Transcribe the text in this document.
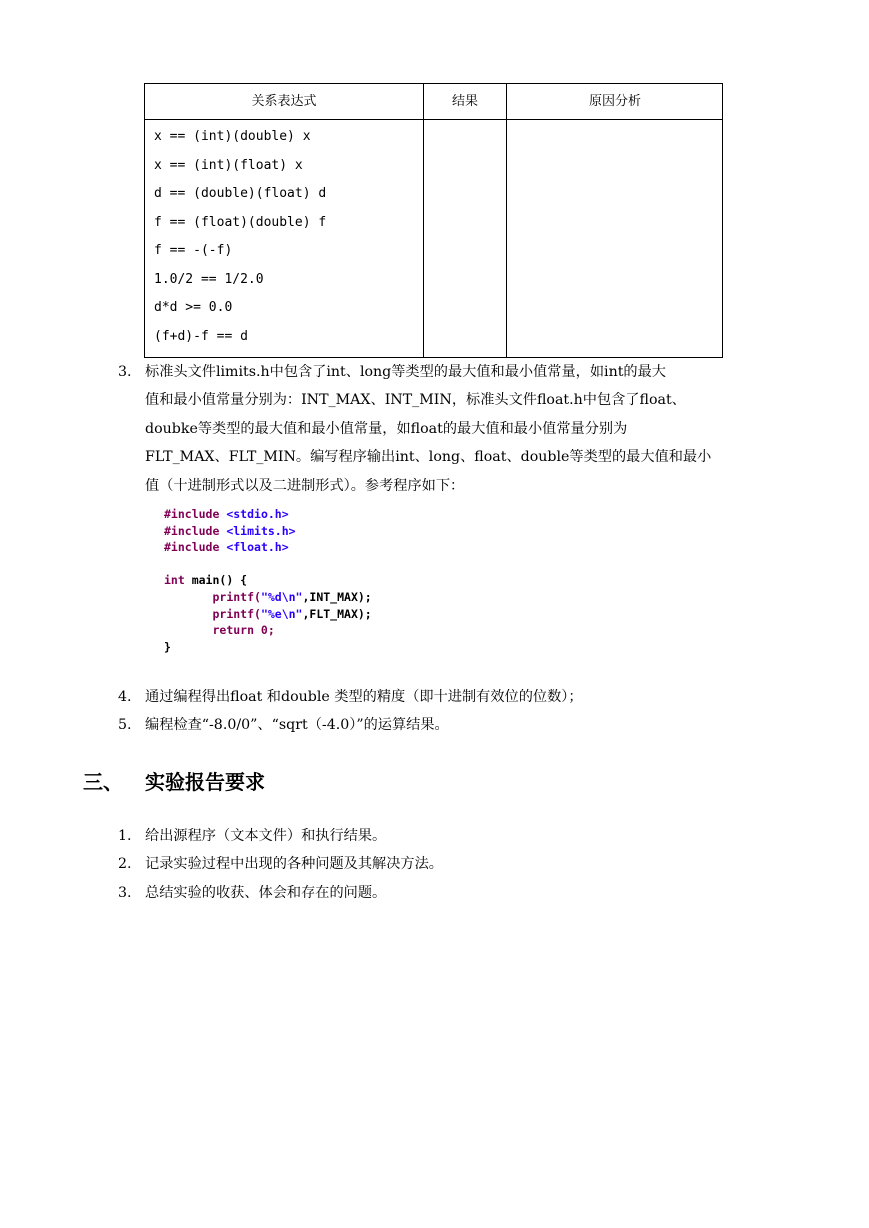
关系表达式	结果	原因分析
x == (int)(double) x
x == (int)(float) x
d == (double)(float) d
f == (float)(double) f
f == -(-f)
1.0/2 == 1/2.0
d*d >= 0.0
(f+d)-f == d
3. 标准头文件limits.h中包含了int、long等类型的最大值和最小值常量，如int的最大
值和最小值常量分别为：INT_MAX、INT_MIN，标准头文件float.h中包含了float、
doubke等类型的最大值和最小值常量，如float的最大值和最小值常量分别为
FLT_MAX、FLT_MIN。编写程序输出int、long、float、double等类型的最大值和最小
值（十进制形式以及二进制形式）。参考程序如下：
#include <stdio.h>
#include <limits.h>
#include <float.h>

int main() {
printf("%d\n",INT_MAX);
printf("%e\n",FLT_MAX);
return 0;
}
4. 通过编程得出float 和double 类型的精度（即十进制有效位的位数）；
5. 编程检查“-8.0/0”、“sqrt（-4.0）”的运算结果。
三、 实验报告要求
1. 给出源程序（文本文件）和执行结果。
2. 记录实验过程中出现的各种问题及其解决方法。
3. 总结实验的收获、体会和存在的问题。
